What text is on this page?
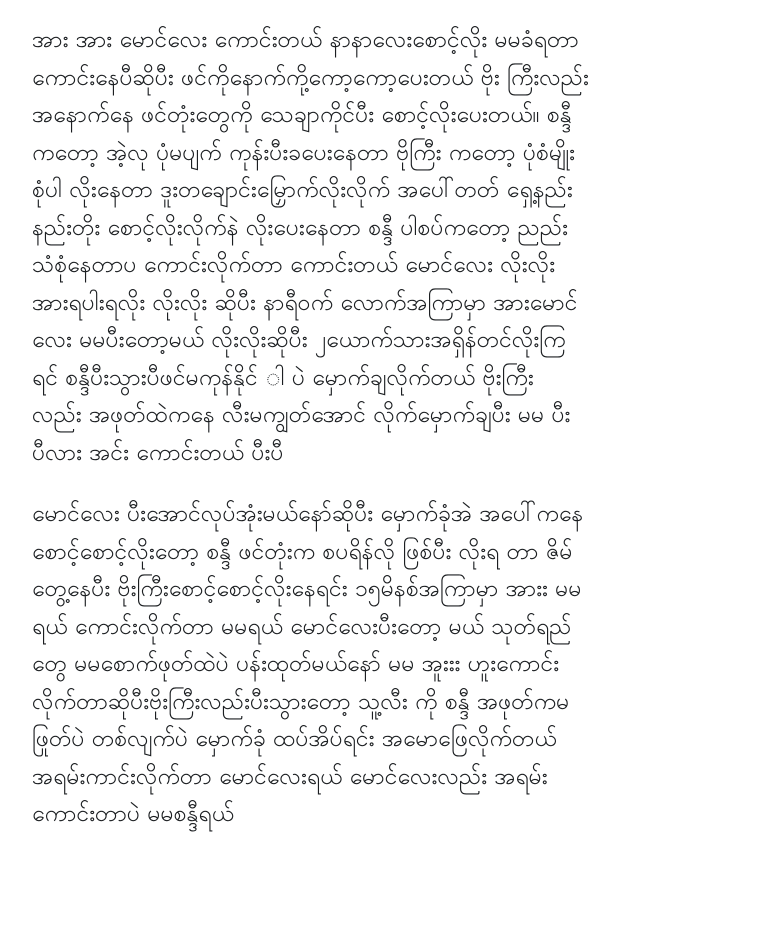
အား အား မောင်လေး ကောင်းတယ် နာနာလေးစောင့်လိုး မမခံရတာ
ကောင်းနေပီဆိုပီး ဖင်ကိုနောက်ကို့ကော့ကော့ပေးတယ် ဗိုး ကြီးလည်း
အနောက်နေ ဖင်တုံးတွေကို သေချာကိုင်ပီး စောင့်လိုးပေးတယ်။ စန္ဒီ
ကတော့ အဲ့လု ပုံမပျက် ကုန်းပီးခပေးနေတာ ဗိုကြီး ကတော့ ပုံစံမျိုး
စုံပါ လိုးနေတာ ဒူးတချောင်းမြှောက်လိုးလိုက် အပေါ်တတ် ရှေ့နည်း
နည်းတိုး စောင့်လိုးလိုက်နဲ လိုးပေးနေတာ စန္ဒီ ပါစပ်ကတော့ ညည်း
သံစုံနေတာပ ကောင်းလိုက်တာ ကောင်းတယ် မောင်လေး လိုးလိုး
အားရပါးရလိုး လိုးလိုး ဆိုပီး နာရီဝက် လောက်အကြာမှာ အားမောင်
လေး မမပီးတော့မယ် လိုးလိုးဆိုပီး ၂ယောက်သားအရှိန်တင်လိုးကြ
ရင် စန္ဒီပီးသွားပီဖင်မကုန်နိုင် ါ ပဲ မှောက်ချလိုက်တယ် ဗိုးကြီး
လည်း အဖုတ်ထဲကနေ လီးမကျွတ်အောင် လိုက်မှောက်ချပီး မမ ပီး
ပီလား အင်း ကောင်းတယ် ပီးပီ
မောင်လေး ပီးအောင်လုပ်အုံးမယ်နော်ဆိုပီး မှောက်ခုံအဲ အပေါ်ကနေ
စောင့်စောင့်လိုးတော့ စန္ဒီ ဖင်တုံးက စပရိန်လို ဖြစ်ပီး လိုးရ တာ ဇိမ်
တွေ့နေပီး ဗိုးကြီးစောင့်စောင့်လိုးနေရင်း ၁၅မိနစ်အကြာမှာ အားး မမ
ရယ် ကောင်းလိုက်တာ မမရယ် မောင်လေးပီးတော့ မယ် သုတ်ရည်
တွေ မမစောက်ဖုတ်ထဲပဲ ပန်းထုတ်မယ်နော် မမ အူးးး ဟူးကောင်း
လိုက်တာဆိုပီးဗိုးကြီးလည်းပီးသွားတော့ သူ့လီး ကို စန္ဒီ အဖုတ်ကမ
ဖြုတ်ပဲ တစ်လျက်ပဲ မှောက်ခုံ ထပ်အိပ်ရင်း အမောဖြေလိုက်တယ်
အရမ်းကာင်းလိုက်တာ မောင်လေးရယ် မောင်လေးလည်း အရမ်း
ကောင်းတာပဲ မမစန္ဒီရယ်
